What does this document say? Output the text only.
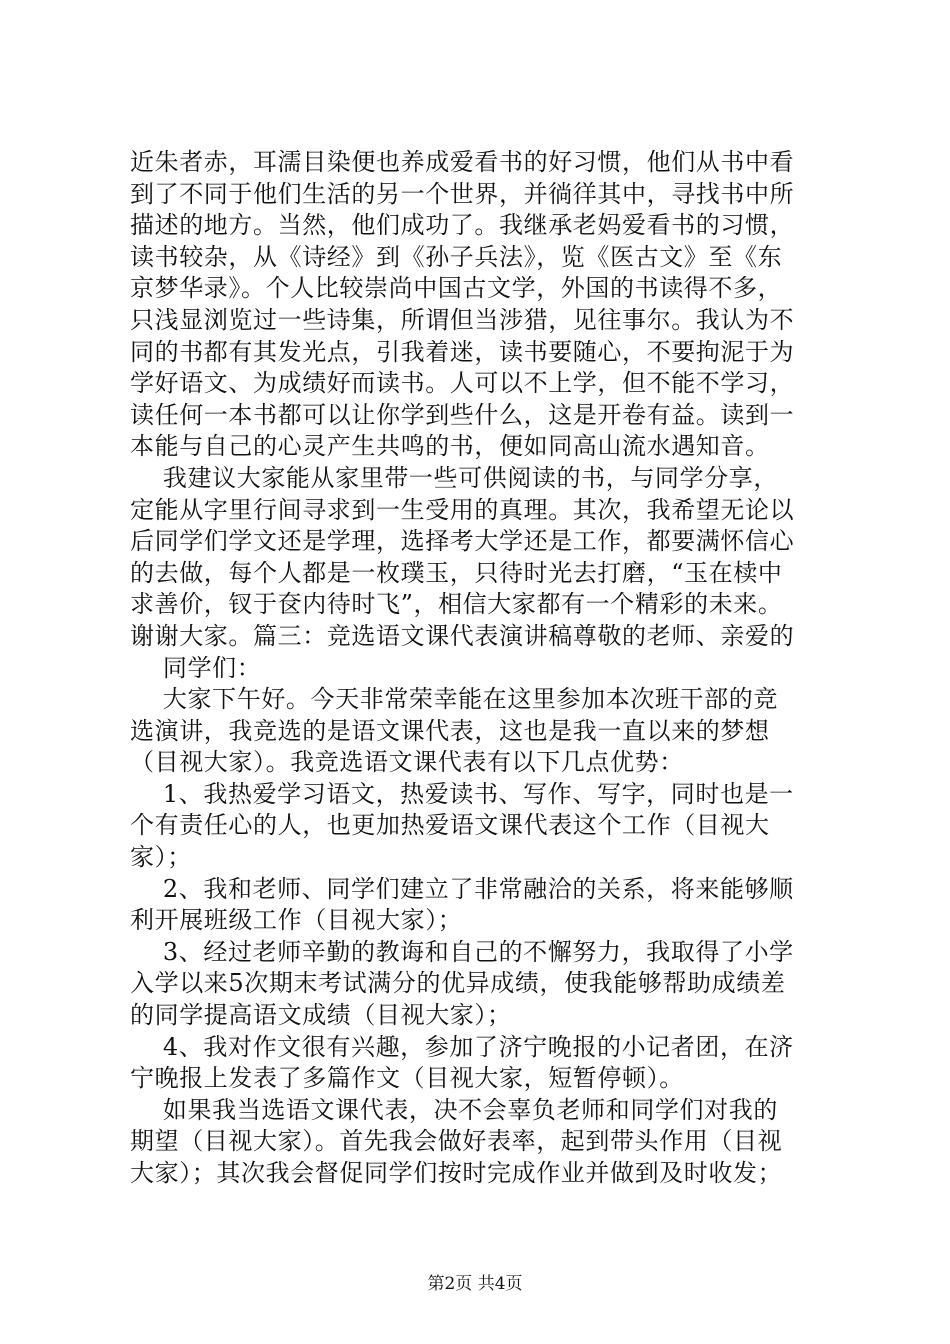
近朱者赤，耳濡目染便也养成爱看书的好习惯，他们从书中看
到了不同于他们生活的另一个世界，并徜徉其中，寻找书中所
描述的地方。当然，他们成功了。我继承老妈爱看书的习惯，
读书较杂，从《诗经》到《孙子兵法》，览《医古文》至《东
京梦华录》。个人比较崇尚中国古文学，外国的书读得不多，
只浅显浏览过一些诗集，所谓但当涉猎，见往事尔。我认为不
同的书都有其发光点，引我着迷，读书要随心，不要拘泥于为
学好语文、为成绩好而读书。人可以不上学，但不能不学习，
读任何一本书都可以让你学到些什么，这是开卷有益。读到一
本能与自己的心灵产生共鸣的书，便如同高山流水遇知音。
我建议大家能从家里带一些可供阅读的书，与同学分享，
定能从字里行间寻求到一生受用的真理。其次，我希望无论以
后同学们学文还是学理，选择考大学还是工作，都要满怀信心
的去做，每个人都是一枚璞玉，只待时光去打磨，“玉在椟中
求善价，钗于奁内待时飞”，相信大家都有一个精彩的未来。
谢谢大家。篇三：竞选语文课代表演讲稿尊敬的老师、亲爱的
同学们：
大家下午好。今天非常荣幸能在这里参加本次班干部的竞
选演讲，我竞选的是语文课代表，这也是我一直以来的梦想
（目视大家）。我竞选语文课代表有以下几点优势：
1、我热爱学习语文，热爱读书、写作、写字，同时也是一
个有责任心的人，也更加热爱语文课代表这个工作（目视大
家）；
2、我和老师、同学们建立了非常融洽的关系，将来能够顺
利开展班级工作（目视大家）；
3、经过老师辛勤的教诲和自己的不懈努力，我取得了小学
入学以来5次期末考试满分的优异成绩，使我能够帮助成绩差
的同学提高语文成绩（目视大家）；
4、我对作文很有兴趣，参加了济宁晚报的小记者团，在济
宁晚报上发表了多篇作文（目视大家，短暂停顿）。
如果我当选语文课代表，决不会辜负老师和同学们对我的
期望（目视大家）。首先我会做好表率，起到带头作用（目视
大家）；其次我会督促同学们按时完成作业并做到及时收发；
第2页 共4页
